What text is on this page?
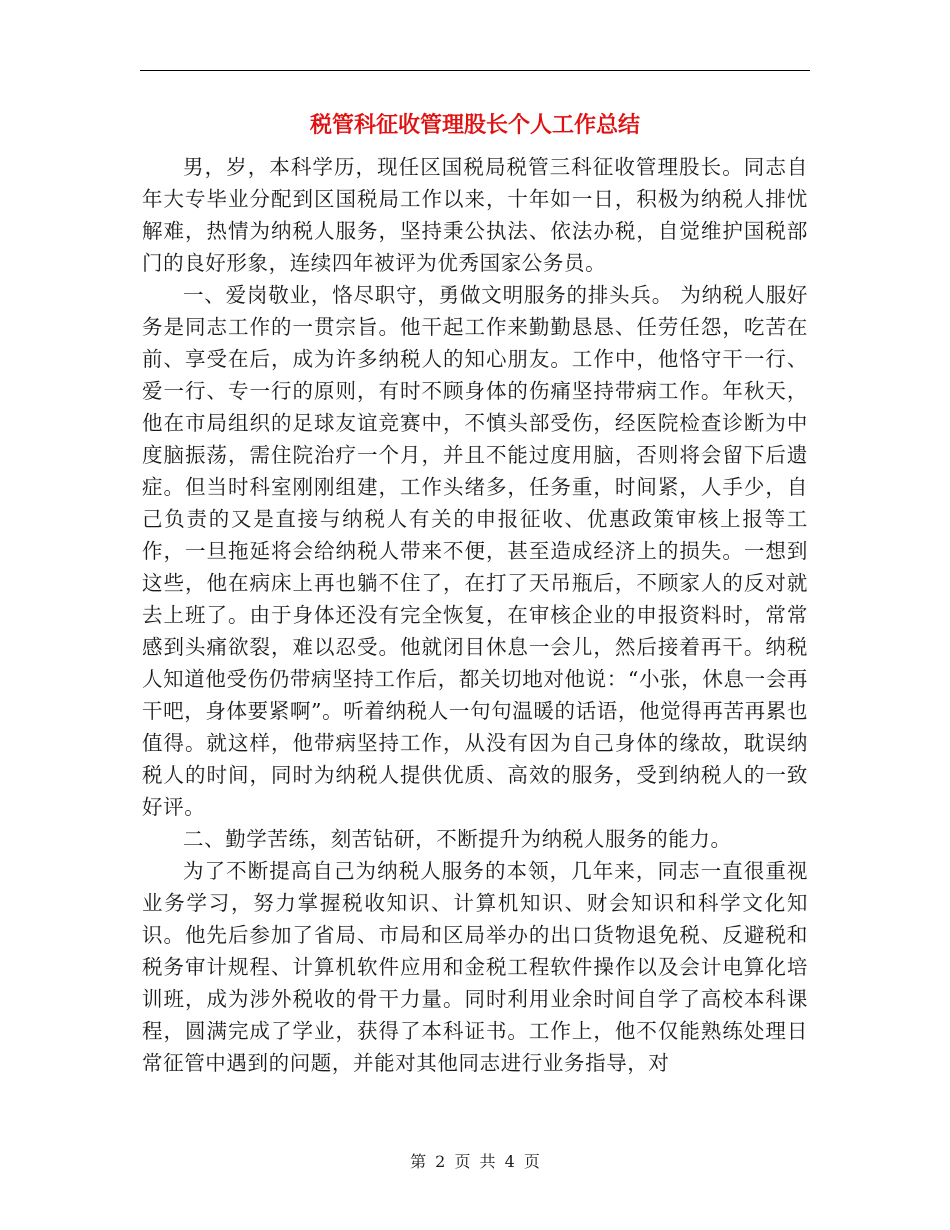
税管科征收管理股长个人工作总结

男，岁，本科学历，现任区国税局税管三科征收管理股长。同志自年大专毕业分配到区国税局工作以来，十年如一日，积极为纳税人排忧解难，热情为纳税人服务，坚持秉公执法、依法办税，自觉维护国税部门的良好形象，连续四年被评为优秀国家公务员。

一、爱岗敬业，恪尽职守，勇做文明服务的排头兵。 为纳税人服好务是同志工作的一贯宗旨。他干起工作来勤勤恳恳、任劳任怨，吃苦在前、享受在后，成为许多纳税人的知心朋友。工作中，他恪守干一行、爱一行、专一行的原则，有时不顾身体的伤痛坚持带病工作。年秋天，他在市局组织的足球友谊竞赛中，不慎头部受伤，经医院检查诊断为中度脑振荡，需住院治疗一个月，并且不能过度用脑，否则将会留下后遗症。但当时科室刚刚组建，工作头绪多，任务重，时间紧，人手少，自己负责的又是直接与纳税人有关的申报征收、优惠政策审核上报等工作，一旦拖延将会给纳税人带来不便，甚至造成经济上的损失。一想到这些，他在病床上再也躺不住了，在打了天吊瓶后，不顾家人的反对就去上班了。由于身体还没有完全恢复，在审核企业的申报资料时，常常感到头痛欲裂，难以忍受。他就闭目休息一会儿，然后接着再干。纳税人知道他受伤仍带病坚持工作后，都关切地对他说：“小张，休息一会再干吧，身体要紧啊”。听着纳税人一句句温暖的话语，他觉得再苦再累也值得。就这样，他带病坚持工作，从没有因为自己身体的缘故，耽误纳税人的时间，同时为纳税人提供优质、高效的服务，受到纳税人的一致好评。

二、勤学苦练，刻苦钻研，不断提升为纳税人服务的能力。

为了不断提高自己为纳税人服务的本领，几年来，同志一直很重视业务学习，努力掌握税收知识、计算机知识、财会知识和科学文化知识。他先后参加了省局、市局和区局举办的出口货物退免税、反避税和税务审计规程、计算机软件应用和金税工程软件操作以及会计电算化培训班，成为涉外税收的骨干力量。同时利用业余时间自学了高校本科课程，圆满完成了学业，获得了本科证书。工作上，他不仅能熟练处理日常征管中遇到的问题，并能对其他同志进行业务指导，对

第 2 页 共 4 页
